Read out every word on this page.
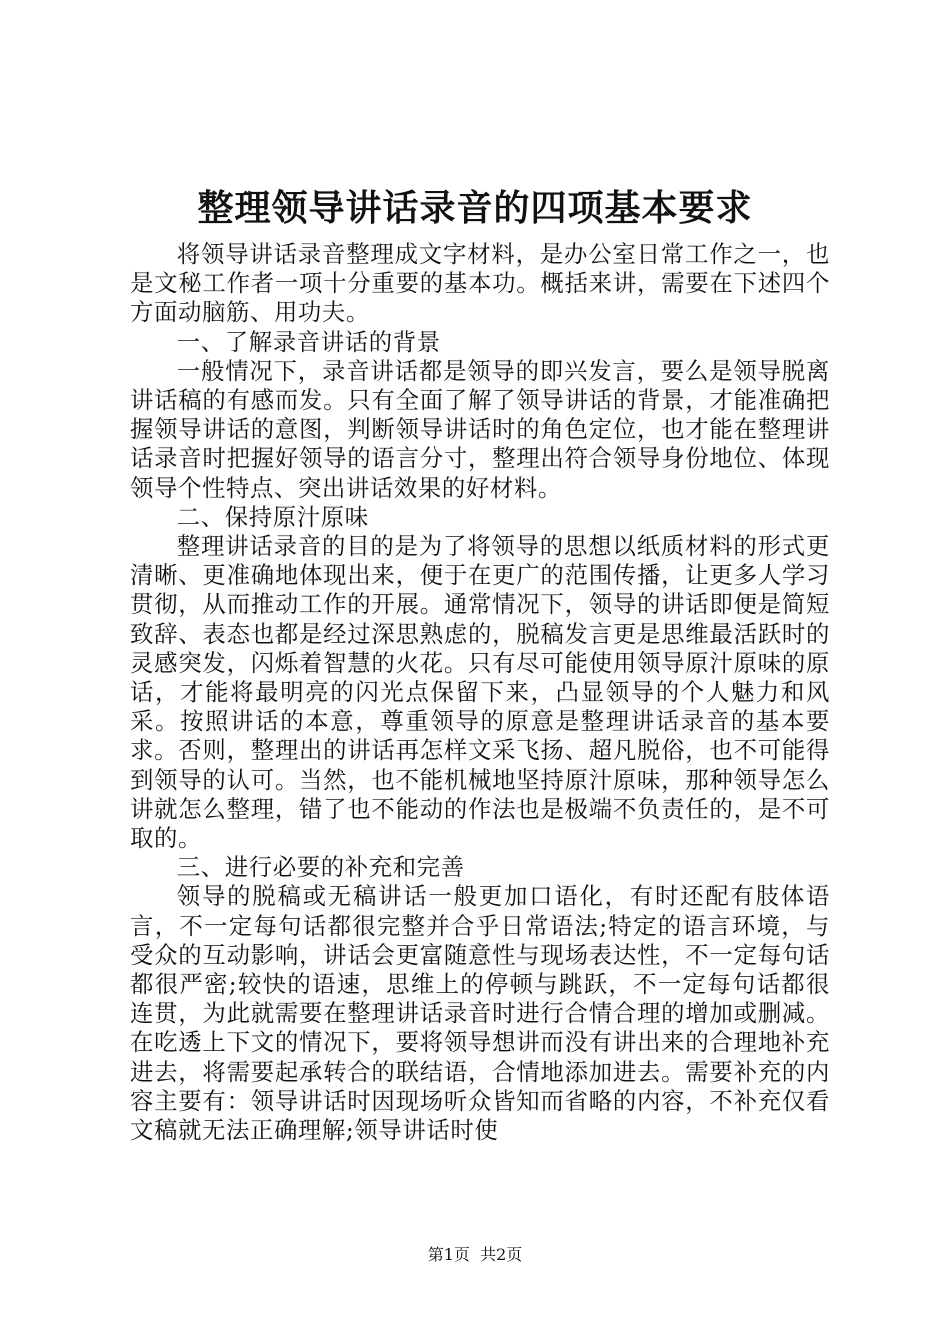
整理领导讲话录音的四项基本要求

将领导讲话录音整理成文字材料，是办公室日常工作之一，也是文秘工作者一项十分重要的基本功。概括来讲，需要在下述四个方面动脑筋、用功夫。

一、了解录音讲话的背景

一般情况下，录音讲话都是领导的即兴发言，要么是领导脱离讲话稿的有感而发。只有全面了解了领导讲话的背景，才能准确把握领导讲话的意图，判断领导讲话时的角色定位，也才能在整理讲话录音时把握好领导的语言分寸，整理出符合领导身份地位、体现领导个性特点、突出讲话效果的好材料。

二、保持原汁原味

整理讲话录音的目的是为了将领导的思想以纸质材料的形式更清晰、更准确地体现出来，便于在更广的范围传播，让更多人学习贯彻，从而推动工作的开展。通常情况下，领导的讲话即便是简短致辞、表态也都是经过深思熟虑的，脱稿发言更是思维最活跃时的灵感突发，闪烁着智慧的火花。只有尽可能使用领导原汁原味的原话，才能将最明亮的闪光点保留下来，凸显领导的个人魅力和风采。按照讲话的本意，尊重领导的原意是整理讲话录音的基本要求。否则，整理出的讲话再怎样文采飞扬、超凡脱俗，也不可能得到领导的认可。当然，也不能机械地坚持原汁原味，那种领导怎么讲就怎么整理，错了也不能动的作法也是极端不负责任的，是不可取的。

三、进行必要的补充和完善

领导的脱稿或无稿讲话一般更加口语化，有时还配有肢体语言，不一定每句话都很完整并合乎日常语法;特定的语言环境，与受众的互动影响，讲话会更富随意性与现场表达性，不一定每句话都很严密;较快的语速，思维上的停顿与跳跃，不一定每句话都很连贯，为此就需要在整理讲话录音时进行合情合理的增加或删减。在吃透上下文的情况下，要将领导想讲而没有讲出来的合理地补充进去，将需要起承转合的联结语，合情地添加进去。需要补充的内容主要有：领导讲话时因现场听众皆知而省略的内容，不补充仅看文稿就无法正确理解;领导讲话时使

第1页 共2页
